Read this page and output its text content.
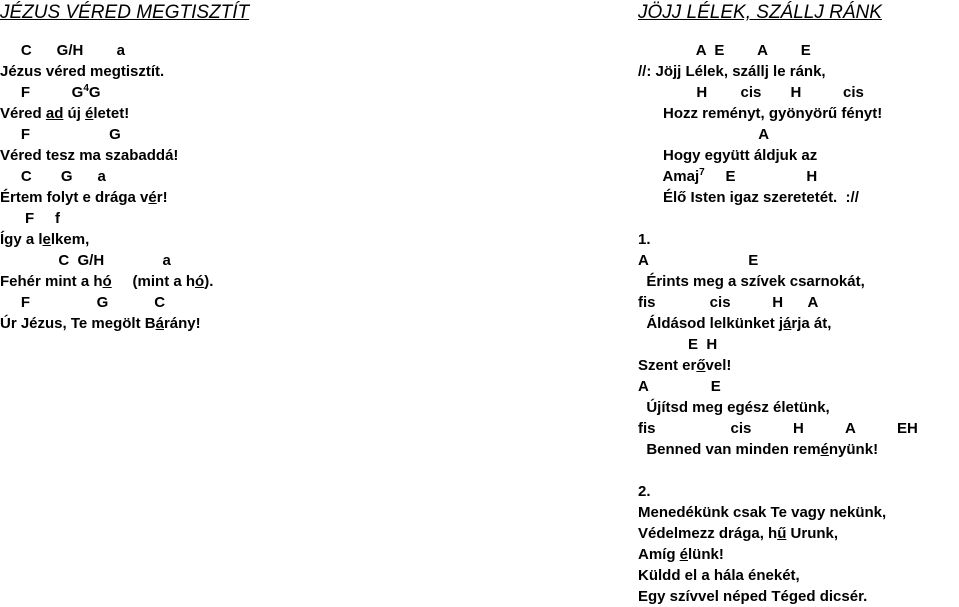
JÉZUS VÉRED MEGTISZTÍT	JÖJJ LÉLEK, SZÁLLJ RÁNK
C      G/H        a
Jézus véred megtisztít.
F          $G^4G$
Véred ad új életet!
F                   G
Véred tesz ma szabaddá!
C       G      a
Értem folyt e drága vér!
F     f
Így a lelkem,
C  G/H              a
Fehér mint a hó     (mint a hó).
F                G           C
Úr Jézus, Te megölt Bárány!
A  E        A        E
//: Jöjj Lélek, szállj le ránk,
H        cis       H          cis
Hozz reményt, gyönyörű fényt!
A
Hogy együtt áldjuk az
Amaj$^7$     E                 H
Élő Isten igaz szeretetét.  ://
1.
A                        E
Érints meg a szívek csarnokát,
fis             cis          H      A
Áldásod lelkünket járja át,
E  H
Szent erővel!
A               E
Újítsd meg egész életünk,
fis                  cis          H          A          EH
Benned van minden reményünk!
2.
Menedékünk csak Te vagy nekünk,
Védelmezz drága, hű Urunk,
Amíg élünk!
Küldd el a hála énekét,
Egy szívvel néped Téged dicsér.
